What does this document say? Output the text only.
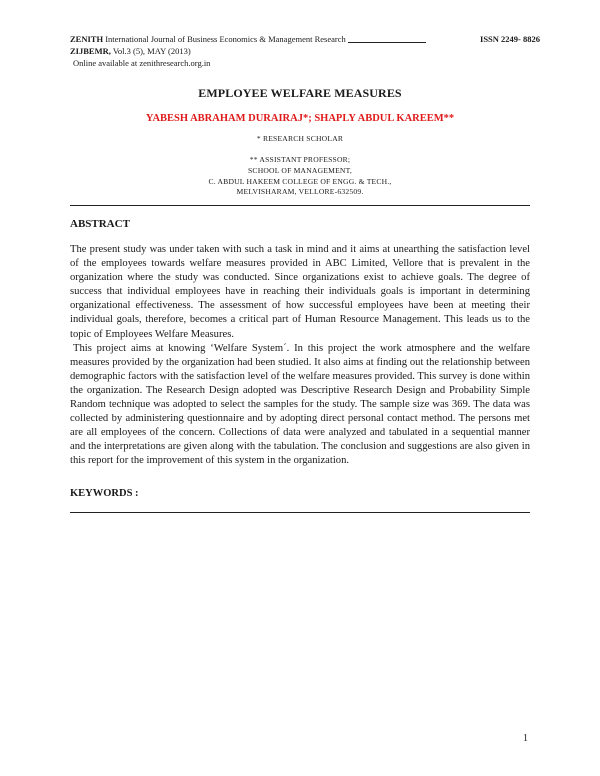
ZENITH International Journal of Business Economics & Management Research	ISSN 2249- 8826
ZIJBEMR, Vol.3 (5), MAY (2013)
Online available at zenithresearch.org.in
EMPLOYEE WELFARE MEASURES
YABESH ABRAHAM DURAIRAJ*; SHAPLY ABDUL KAREEM**
* RESEARCH SCHOLAR
** ASSISTANT PROFESSOR;
SCHOOL OF MANAGEMENT,
C. ABDUL HAKEEM COLLEGE OF ENGG. & TECH.,
MELVISHARAM, VELLORE-632509.
ABSTRACT

The present study was under taken with such a task in mind and it aims at unearthing the satisfaction level of the employees towards welfare measures provided in ABC Limited, Vellore that is prevalent in the organization where the study was conducted. Since organizations exist to achieve goals. The degree of success that individual employees have in reaching their individuals goals is important in determining organizational effectiveness. The assessment of how successful employees have been at meeting their individual goals, therefore, becomes a critical part of Human Resource Management. This leads us to the topic of Employees Welfare Measures.

This project aims at knowing ‘Welfare System´. In this project the work atmosphere and the welfare measures provided by the organization had been studied. It also aims at finding out the relationship between demographic factors with the satisfaction level of the welfare measures provided. This survey is done within the organization. The Research Design adopted was Descriptive Research Design and Probability Simple Random technique was adopted to select the samples for the study. The sample size was 369. The data was collected by administering questionnaire and by adopting direct personal contact method. The persons met are all employees of the concern. Collections of data were analyzed and tabulated in a sequential manner and the interpretations are given along with the tabulation. The conclusion and suggestions are also given in this report for the improvement of this system in the organization.

KEYWORDS :
1
